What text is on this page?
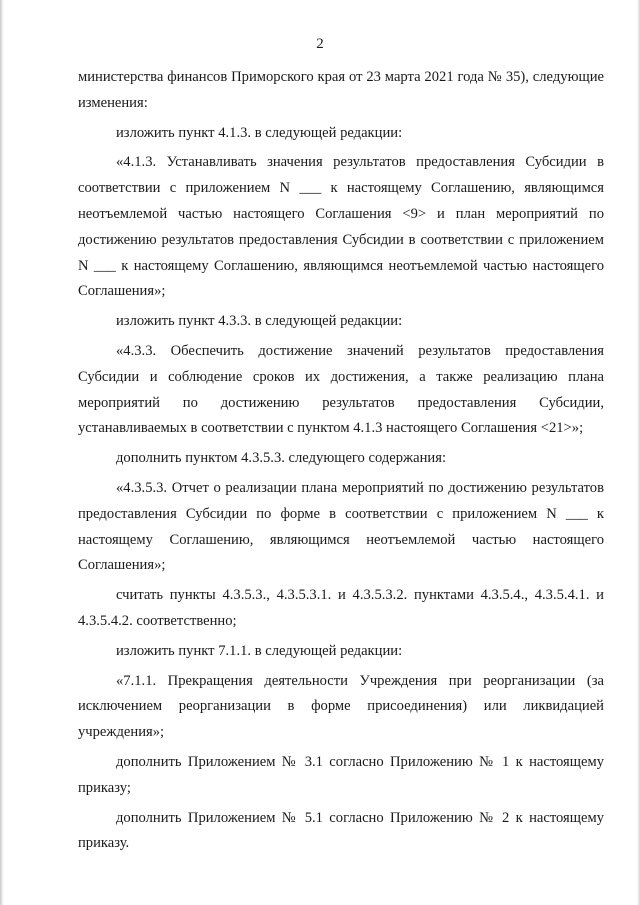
2

министерства финансов Приморского края от 23 марта 2021 года № 35), следующие изменения:

изложить пункт 4.1.3. в следующей редакции:

«4.1.3. Устанавливать значения результатов предоставления Субсидии в соответствии с приложением N ___ к настоящему Соглашению, являющимся неотъемлемой частью настоящего Соглашения <9> и план мероприятий по достижению результатов предоставления Субсидии в соответствии с приложением N ___ к настоящему Соглашению, являющимся неотъемлемой частью настоящего Соглашения»;

изложить пункт 4.3.3. в следующей редакции:

«4.3.3. Обеспечить достижение значений результатов предоставления Субсидии и соблюдение сроков их достижения, а также реализацию плана мероприятий по достижению результатов предоставления Субсидии, устанавливаемых в соответствии с пунктом 4.1.3 настоящего Соглашения <21>»;

дополнить пунктом 4.3.5.3. следующего содержания:

«4.3.5.3. Отчет о реализации плана мероприятий по достижению результатов предоставления Субсидии по форме в соответствии с приложением N ___ к настоящему Соглашению, являющимся неотъемлемой частью настоящего Соглашения»;

считать пункты 4.3.5.3., 4.3.5.3.1. и 4.3.5.3.2. пунктами 4.3.5.4., 4.3.5.4.1. и 4.3.5.4.2. соответственно;

изложить пункт 7.1.1. в следующей редакции:

«7.1.1. Прекращения деятельности Учреждения при реорганизации (за исключением реорганизации в форме присоединения) или ликвидацией учреждения»;

дополнить Приложением № 3.1 согласно Приложению № 1 к настоящему приказу;

дополнить Приложением № 5.1 согласно Приложению № 2 к настоящему приказу.
